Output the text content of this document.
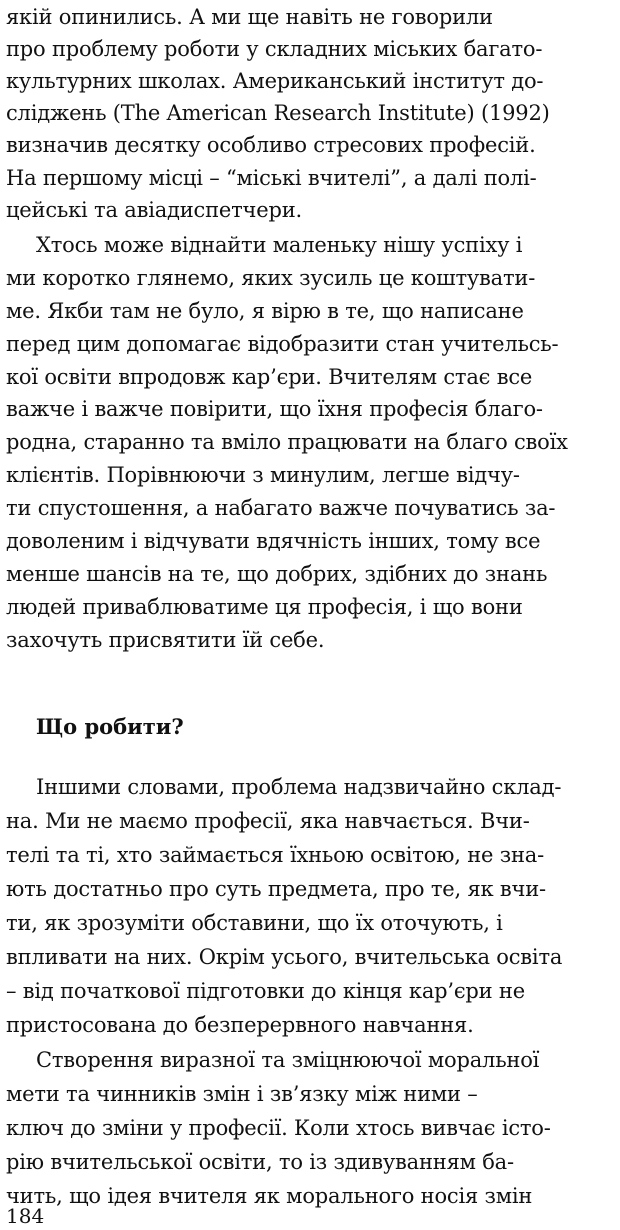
якій опинились. А ми ще навіть не говорили
про проблему роботи у складних міських багато-
культурних школах. Американський інститут до-
сліджень (The American Research Institute) (1992)
визначив десятку особливо стресових професій.
На першому місці – “міські вчителі”, а далі полі-
цейські та авіадиспетчери.
Хтось може віднайти маленьку нішу успіху і
ми коротко глянемо, яких зусиль це коштувати-
ме. Якби там не було, я вірю в те, що написане
перед цим допомагає відобразити стан учительсь-
кої освіти впродовж кар’єри. Вчителям стає все
важче і важче повірити, що їхня професія благо-
родна, старанно та вміло працювати на благо своїх
клієнтів. Порівнюючи з минулим, легше відчу-
ти спустошення, а набагато важче почуватись за-
доволеним і відчувати вдячність інших, тому все
менше шансів на те, що добрих, здібних до знань
людей приваблюватиме ця професія, і що вони
захочуть присвятити їй себе.
Що робити?
Іншими словами, проблема надзвичайно склад-
на. Ми не маємо професії, яка навчається. Вчи-
телі та ті, хто займається їхньою освітою, не зна-
ють достатньо про суть предмета, про те, як вчи-
ти, як зрозуміти обставини, що їх оточують, і
впливати на них. Окрім усього, вчительська освіта
– від початкової підготовки до кінця кар’єри не
пристосована до безперервного навчання.
Створення виразної та зміцнюючої моральної
мети та чинників змін і зв’язку між ними –
ключ до зміни у професії. Коли хтось вивчає істо-
рію вчительської освіти, то із здивуванням ба-
чить, що ідея вчителя як морального носія змін
184
